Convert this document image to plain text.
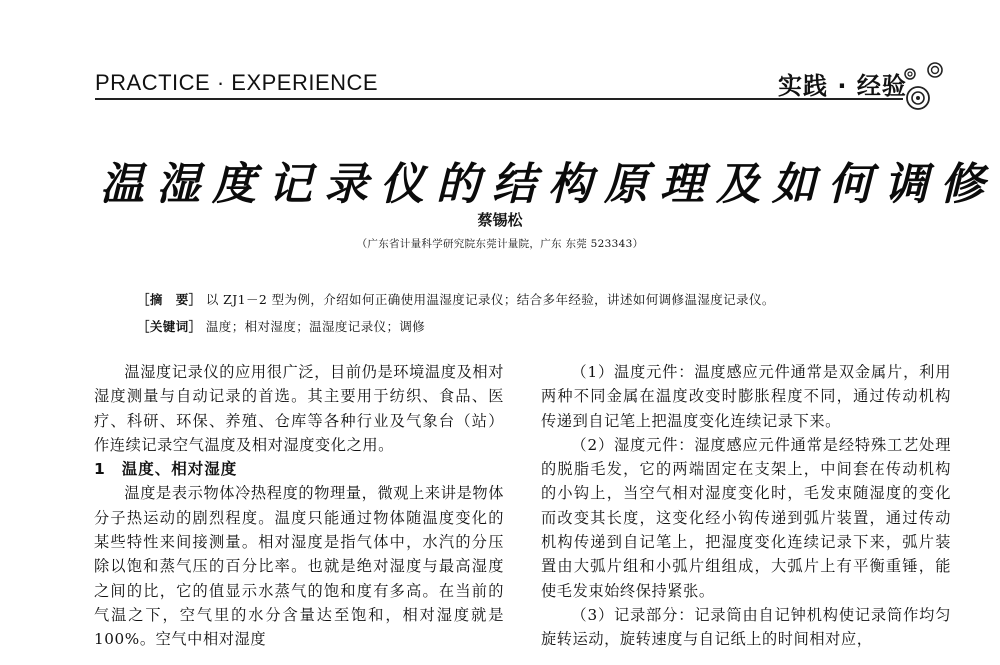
PRACTICE · EXPERIENCE	实践 · 经验
温湿度记录仪的结构原理及如何调修
蔡锡松
（广东省计量科学研究院东莞计量院，广东 东莞 523343）
［摘　要］ 以 ZJ1－2 型为例，介绍如何正确使用温湿度记录仪；结合多年经验，讲述如何调修温湿度记录仪。
［关键词］ 温度；相对湿度；温湿度记录仪；调修

温湿度记录仪的应用很广泛，目前仍是环境温度及相对湿度测量与自动记录的首选。其主要用于纺织、食品、医疗、科研、环保、养殖、仓库等各种行业及气象台（站）作连续记录空气温度及相对湿度变化之用。

1 温度、相对湿度

温度是表示物体冷热程度的物理量，微观上来讲是物体分子热运动的剧烈程度。温度只能通过物体随温度变化的某些特性来间接测量。相对湿度是指气体中，水汽的分压除以饱和蒸气压的百分比率。也就是绝对湿度与最高湿度之间的比，它的值显示水蒸气的饱和度有多高。在当前的气温之下，空气里的水分含量达至饱和，相对湿度就是100%。空气中相对湿度

（1）温度元件：温度感应元件通常是双金属片，利用两种不同金属在温度改变时膨胀程度不同，通过传动机构传递到自记笔上把温度变化连续记录下来。

（2）湿度元件：湿度感应元件通常是经特殊工艺处理的脱脂毛发，它的两端固定在支架上，中间套在传动机构的小钩上，当空气相对湿度变化时，毛发束随湿度的变化而改变其长度，这变化经小钩传递到弧片装置，通过传动机构传递到自记笔上，把湿度变化连续记录下来，弧片装置由大弧片组和小弧片组组成，大弧片上有平衡重锤，能使毛发束始终保持紧张。

（3）记录部分：记录筒由自记钟机构使记录筒作均匀旋转运动，旋转速度与自记纸上的时间相对应，
